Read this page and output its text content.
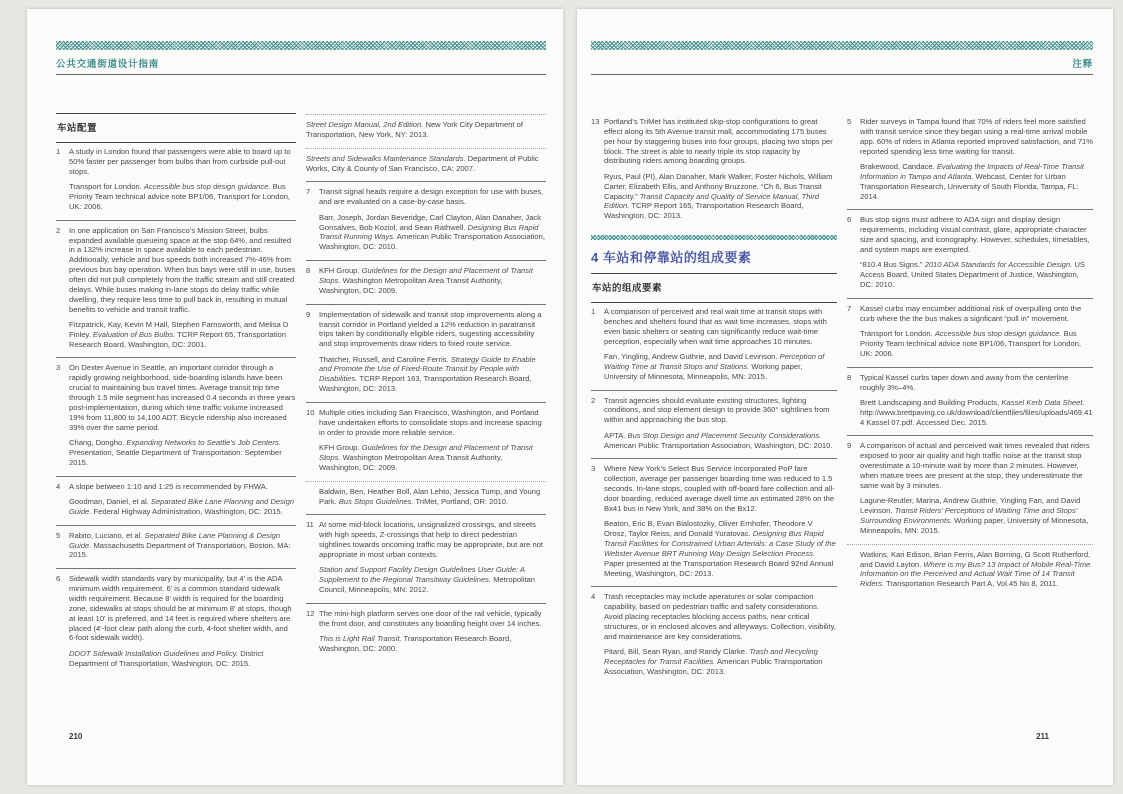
公共交通街道设计指南
车站配置
1	A study in London found that passengers were able to board up to 50% faster per passenger from bulbs than from curbside pull-out stops.

Transport for London. Accessible bus stop design guidance. Bus Priority Team technical advice note BP1/06, Transport for London, UK: 2006.

2	In one application on San Francisco’s Mission Street, bulbs expanded available queueing space at the stop 64%, and resulted in a 132% increase in space available to each pedestrian. Additionally, vehicle and bus speeds both increased 7%-46% from previous bus bay operation. When bus bays were still in use, buses often did not pull completely from the traffic stream and still created delays. While buses making in-lane stops do delay traffic while dwelling, they require less time to pull back in, resulting in mutual benefits to vehicle and transit traffic.

Fitzpatrick, Kay, Kevin M Hall, Stephen Farnsworth, and Melisa D Finley. Evaluation of Bus Bulbs. TCRP Report 65, Transportation Research Board, Washington, DC: 2001.

3	On Dexter Avenue in Seattle, an important corridor through a rapidly growing neighborhood, side-boarding islands have been crucial to maintaining bus travel times. Average transit trip time through 1.5 mile segment has increased 0.4 seconds in three years post-implementation, during which time traffic volume increased 19% from 11,800 to 14,100 ADT. Bicycle ridership also increased 39% over the same period.

Chang, Dongho. Expanding Networks to Seattle’s Job Centers. Presentation, Seattle Department of Transportation: September 2015.

4	A slope between 1:10 and 1:25 is recommended by FHWA.

Goodman, Daniel, et al. Separated Bike Lane Planning and Design Guide. Federal Highway Administration, Washington, DC: 2015.

5	Rabito, Luciano, et al. Separated Bike Lane Planning & Design Guide. Massachusetts Department of Transportation, Boston, MA: 2015.

6	Sidewalk width standards vary by municipality, but 4' is the ADA minimum width requirement. 6' is a common standard sidewalk width requirement. Because 8' width is required for the boarding zone, sidewalks at stops should be at minimum 8' at stops, though at least 10' is preferred, and 14 feet is required where shelters are placed (4'-foot clear path along the curb, 4-foot shelter width, and 6-foot sidewalk width).

DDOT Sidewalk Installation Guidelines and Policy. District Department of Transportation, Washington, DC: 2015.

Street Design Manual, 2nd Edition. New York City Department of Transportation, New York, NY: 2013.

Streets and Sidewalks Maintenance Standards. Department of Public Works, City & County of San Francisco, CA: 2007.

7	Transit signal heads require a design exception for use with buses, and are evaluated on a case-by-case basis.

Barr, Joseph, Jordan Beveridge, Carl Clayton, Alan Danaher, Jack Gonsalves, Bob Koziol, and Sean Rathwell. Designing Bus Rapid Transit Running Ways. American Public Transportation Association, Washington, DC: 2010.

8	KFH Group. Guidelines for the Design and Placement of Transit Stops. Washington Metropolitan Area Transit Authority, Washington, DC: 2009.

9	Implementation of sidewalk and transit stop improvements along a transit corridor in Portland yielded a 12% reduction in paratransit trips taken by conditionally eligible riders, sugesting accessibility and stop improvements draw riders to fixed route service.

Thatcher, Russell, and Caroline Ferris. Strategy Guide to Enable and Promote the Use of Fixed-Route Transit by People with Disabilities. TCRP Report 163, Transportation Research Board, Washington, DC: 2013.

10 Multiple cities including San Francisco, Washington, and Portland have undertaken efforts to consolidate stops and increase spacing in order to provide more reliable service.

KFH Group. Guidelines for the Design and Placement of Transit Stops. Washington Metropolitan Area Transit Authority, Washington, DC: 2009.

Baldwin, Ben, Heather Boll, Alan Lehto, Jessica Tump, and Young Park. Bus Stops Guidelines. TriMet, Portland, OR: 2010.

11 At some mid-block locations, unsignalized crossings, and streets with high speeds, Z-crossings that help to direct pedestrian sightlines towards oncoming traffic may be appropriate, but are not appropriate in most urban contexts.

Station and Support Facility Design Guidelines User Guide: A Supplement to the Regional Transitway Guidelines. Metropolitan Council, Minneapolis, MN: 2012.

12 The mini-high platform serves one door of the rail vehicle, typically the front door, and constitutes any boarding height over 14 inches.

This is Light Rail Transit. Transportation Research Board, Washington, DC: 2000.

210
注释
13 Portland’s TriMet has instituted skip-stop configurations to great effect along its 5th Avenue transit mall, accommodating 175 buses per hour by staggering buses into four groups, placing two stops per block. The street is able to nearly triple its stop capacity by distributing riders among boarding groups.

Ryus, Paul (PI), Alan Danaher, Mark Walker, Foster Nichols, William Carter, Elizabeth Ellis, and Anthony Bruzzone. “Ch 6, Bus Transit Capacity.” Transit Capacity and Quality of Service Manual, Third Edition. TCRP Report 165, Transportation Research Board, Washington, DC: 2013.

4 车站和停靠站的组成要素
车站的组成要素
1	A comparison of perceived and real wait time at transit stops with benches and shelters found that as wait time increases, stops with even basic shelters or seating can significantly reduce wait-time perception, especially when wait time approaches 10 minutes.

Fan, Yingling, Andrew Guthrie, and David Levinson. Perception of Waiting Time at Transit Stops and Stations. Working paper, University of Minnesota, Minneapolis, MN: 2015.

2	Transit agencies should evaluate existing structures, lighting conditions, and stop element design to provide 360° sightlines from within and approaching the bus stop.

APTA. Bus Stop Design and Placement Security Considerations. American Public Transportation Association, Washington, DC: 2010.

3	Where New York’s Select Bus Service incorporated PoP fare collection, average per passenger boarding time was reduced to 1.5 seconds. In-lane stops, coupled with off-board fare collection and all-door boarding, reduced average dwell time an estimated 28% on the Bx41 bus in New York, and 38% on the Bx12.

Beaton, Eric B, Evan Bialostozky, Oliver Ernhofer, Theodore V Orosz, Taylor Reiss, and Donald Yuratovac. Designing Bus Rapid Transit Facilities for Constrained Urban Arterials: a Case Study of the Webster Avenue BRT Running Way Design Selection Process. Paper presented at the Transportation Research Board 92nd Annual Meeting, Washington, DC: 2013.

4	Trash receptacles may include aperatures or solar compaction capability, based on pedestrian traffic and safety considerations. Avoid placing receptacles blocking access paths, near critical structures, or in enclosed alcoves and alleyways. Collection, visibility, and maintenance are key considerations.

Pitard, Bill, Sean Ryan, and Randy Clarke. Trash and Recycling Receptacles for Transit Facilities. American Public Transportation Association, Washington, DC: 2013.

5	Rider surveys in Tampa found that 70% of riders feel more satisfied with transit service since they began using a real-time arrival mobile app. 60% of riders in Atlanta reported improved satisfaction, and 71% reported spending less time waiting for transit.

Brakewood, Candace. Evaluating the Impacts of Real-Time Transit Information in Tampa and Atlanta. Webcast, Center for Urban Transportation Research, University of South Florida, Tampa, FL: 2014.

6	Bus stop signs must adhere to ADA sign and display design requirements, including visual contrast, glare, appropriate character size and spacing, and iconography. However, schedules, timetables, and system maps are exempted.

“810.4 Bus Signs.” 2010 ADA Standards for Accessible Design. US Access Board, United States Department of Justice, Washington, DC: 2010.

7	Kassel curbs may encumber additional risk of overpulling onto the curb where the the bus makes a signficant “pull in” movement.

Transport for London. Accessible bus stop design guidance. Bus Priority Team technical advice note BP1/06, Transport for London, UK: 2006.

8	Typical Kassel curbs taper down and away from the centerline roughly 3%–4%.

Brett Landscaping and Building Products, Kassel Kerb Data Sheet. http://www.brettpaving.co.uk/download/clientfiles/files/uploads/469.414 Kassel 07.pdf. Accessed Dec. 2015.

9	A comparison of actual and perceived wait times revealed that riders exposed to poor air quality and high traffic noise at the transit stop overestimate a 10-minute wait by more than 2 minutes. However, when mature trees are present at the stop, they underestimate the same wait by 3 minutes.

Lagune-Reutler, Marina, Andrew Guthrie, Yingling Fan, and David Levinson. Transit Riders’ Perceptions of Waiting Time and Stops’ Surrounding Environments. Working paper, University of Minnesota, Minneapolis, MN: 2015.

Watkins, Kari Edison, Brian Ferris, Alan Borning, G Scott Rutherford, and David Layton. Where is my Bus? 13 Impact of Mobile Real-Time Information on the Perceived and Actual Wait Time of 14 Transit Riders. Transportation Research Part A, Vol.45 No 8, 2011.

211
